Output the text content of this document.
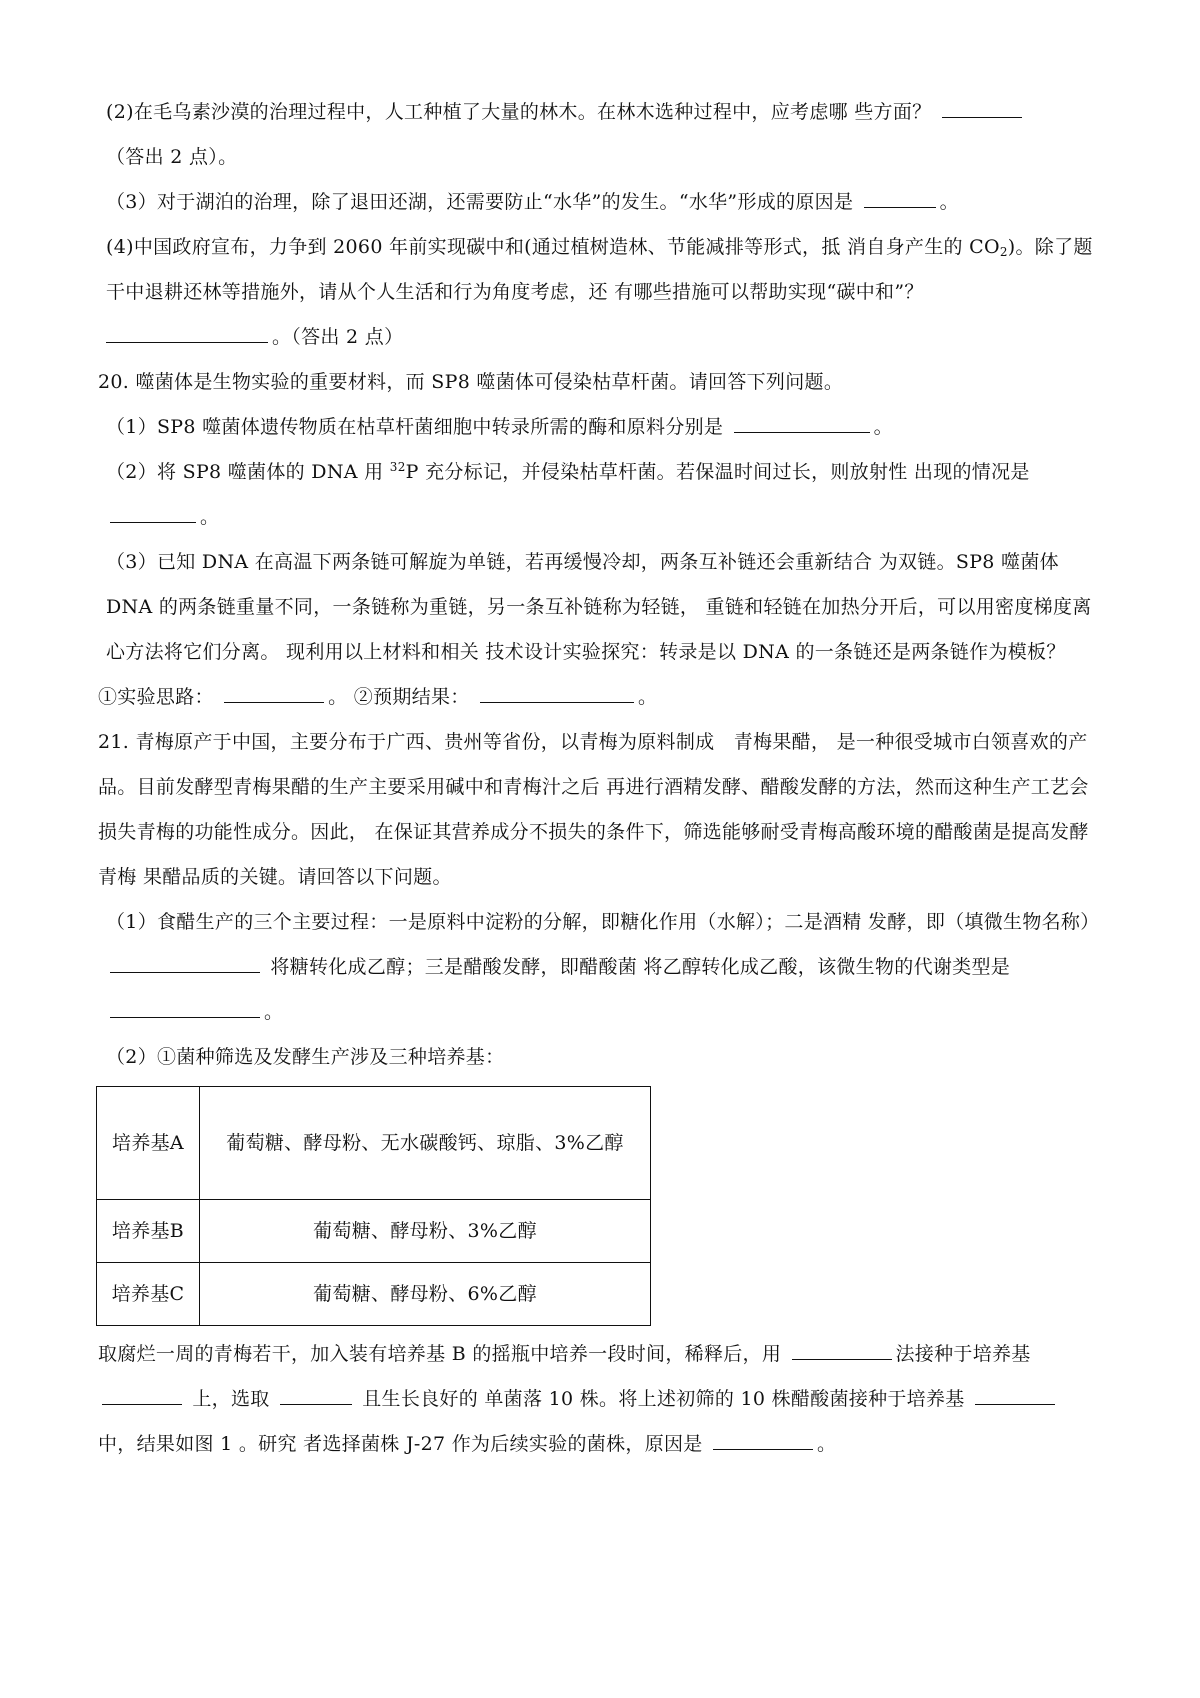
(2)在毛乌素沙漠的治理过程中，人工种植了大量的林木。在林木选种过程中，应考虑哪 些方面？
（答出 2 点）。

（3）对于湖泊的治理，除了退田还湖，还需要防止“水华”的发生。“水华”形成的原因是	。

(4)中国政府宣布，力争到 2060 年前实现碳中和(通过植树造林、节能减排等形式，抵 消自身产生的 $CO_2$)。除了题干中退耕还林等措施外，请从个人生活和行为角度考虑，还 有哪些措施可以帮助实现“碳中和”？
。（答出 2 点）

20. 噬菌体是生物实验的重要材料，而 SP8 噬菌体可侵染枯草杆菌。请回答下列问题。

（1）SP8 噬菌体遗传物质在枯草杆菌细胞中转录所需的酶和原料分别是	。

（2）将 SP8 噬菌体的 DNA 用 $^{32}$P 充分标记，并侵染枯草杆菌。若保温时间过长，则放射性 出现的情况是 。

（3）已知 DNA 在高温下两条链可解旋为单链，若再缓慢冷却，两条互补链还会重新结合 为双链。SP8 噬菌体 DNA 的两条链重量不同，一条链称为重链，另一条互补链称为轻链， 重链和轻链在加热分开后，可以用密度梯度离心方法将它们分离。 现利用以上材料和相关 技术设计实验探究：转录是以 DNA 的一条链还是两条链作为模板？

①实验思路：	。 ②预期结果：	。

21. 青梅原产于中国，主要分布于广西、贵州等省份，以青梅为原料制成　青梅果醋， 是一种很受城市白领喜欢的产品。目前发酵型青梅果醋的生产主要采用碱中和青梅汁之后 再进行酒精发酵、醋酸发酵的方法，然而这种生产工艺会损失青梅的功能性成分。因此， 在保证其营养成分不损失的条件下，筛选能够耐受青梅高酸环境的醋酸菌是提高发酵青梅 果醋品质的关键。请回答以下问题。

（1）食醋生产的三个主要过程：一是原料中淀粉的分解，即糖化作用（水解）；二是酒精 发酵，即（填微生物名称）  将糖转化成乙醇；三是醋酸发酵，即醋酸菌 将乙醇转化成乙酸，该微生物的代谢类型是 。

（2）①菌种筛选及发酵生产涉及三种培养基：

培养基A	葡萄糖、酵母粉、无水碳酸钙、琼脂、3%乙醇
培养基B	葡萄糖、酵母粉、3%乙醇
培养基C	葡萄糖、酵母粉、6%乙醇

取腐烂一周的青梅若干，加入装有培养基 B 的摇瓶中培养一段时间，稀释后，用	法接种于培养基  上，选取	且生长良好的 单菌落 10 株。将上述初筛的 10 株醋酸菌接种于培养基  中，结果如图 1 。研究 者选择菌株 J-27 作为后续实验的菌株，原因是	。
